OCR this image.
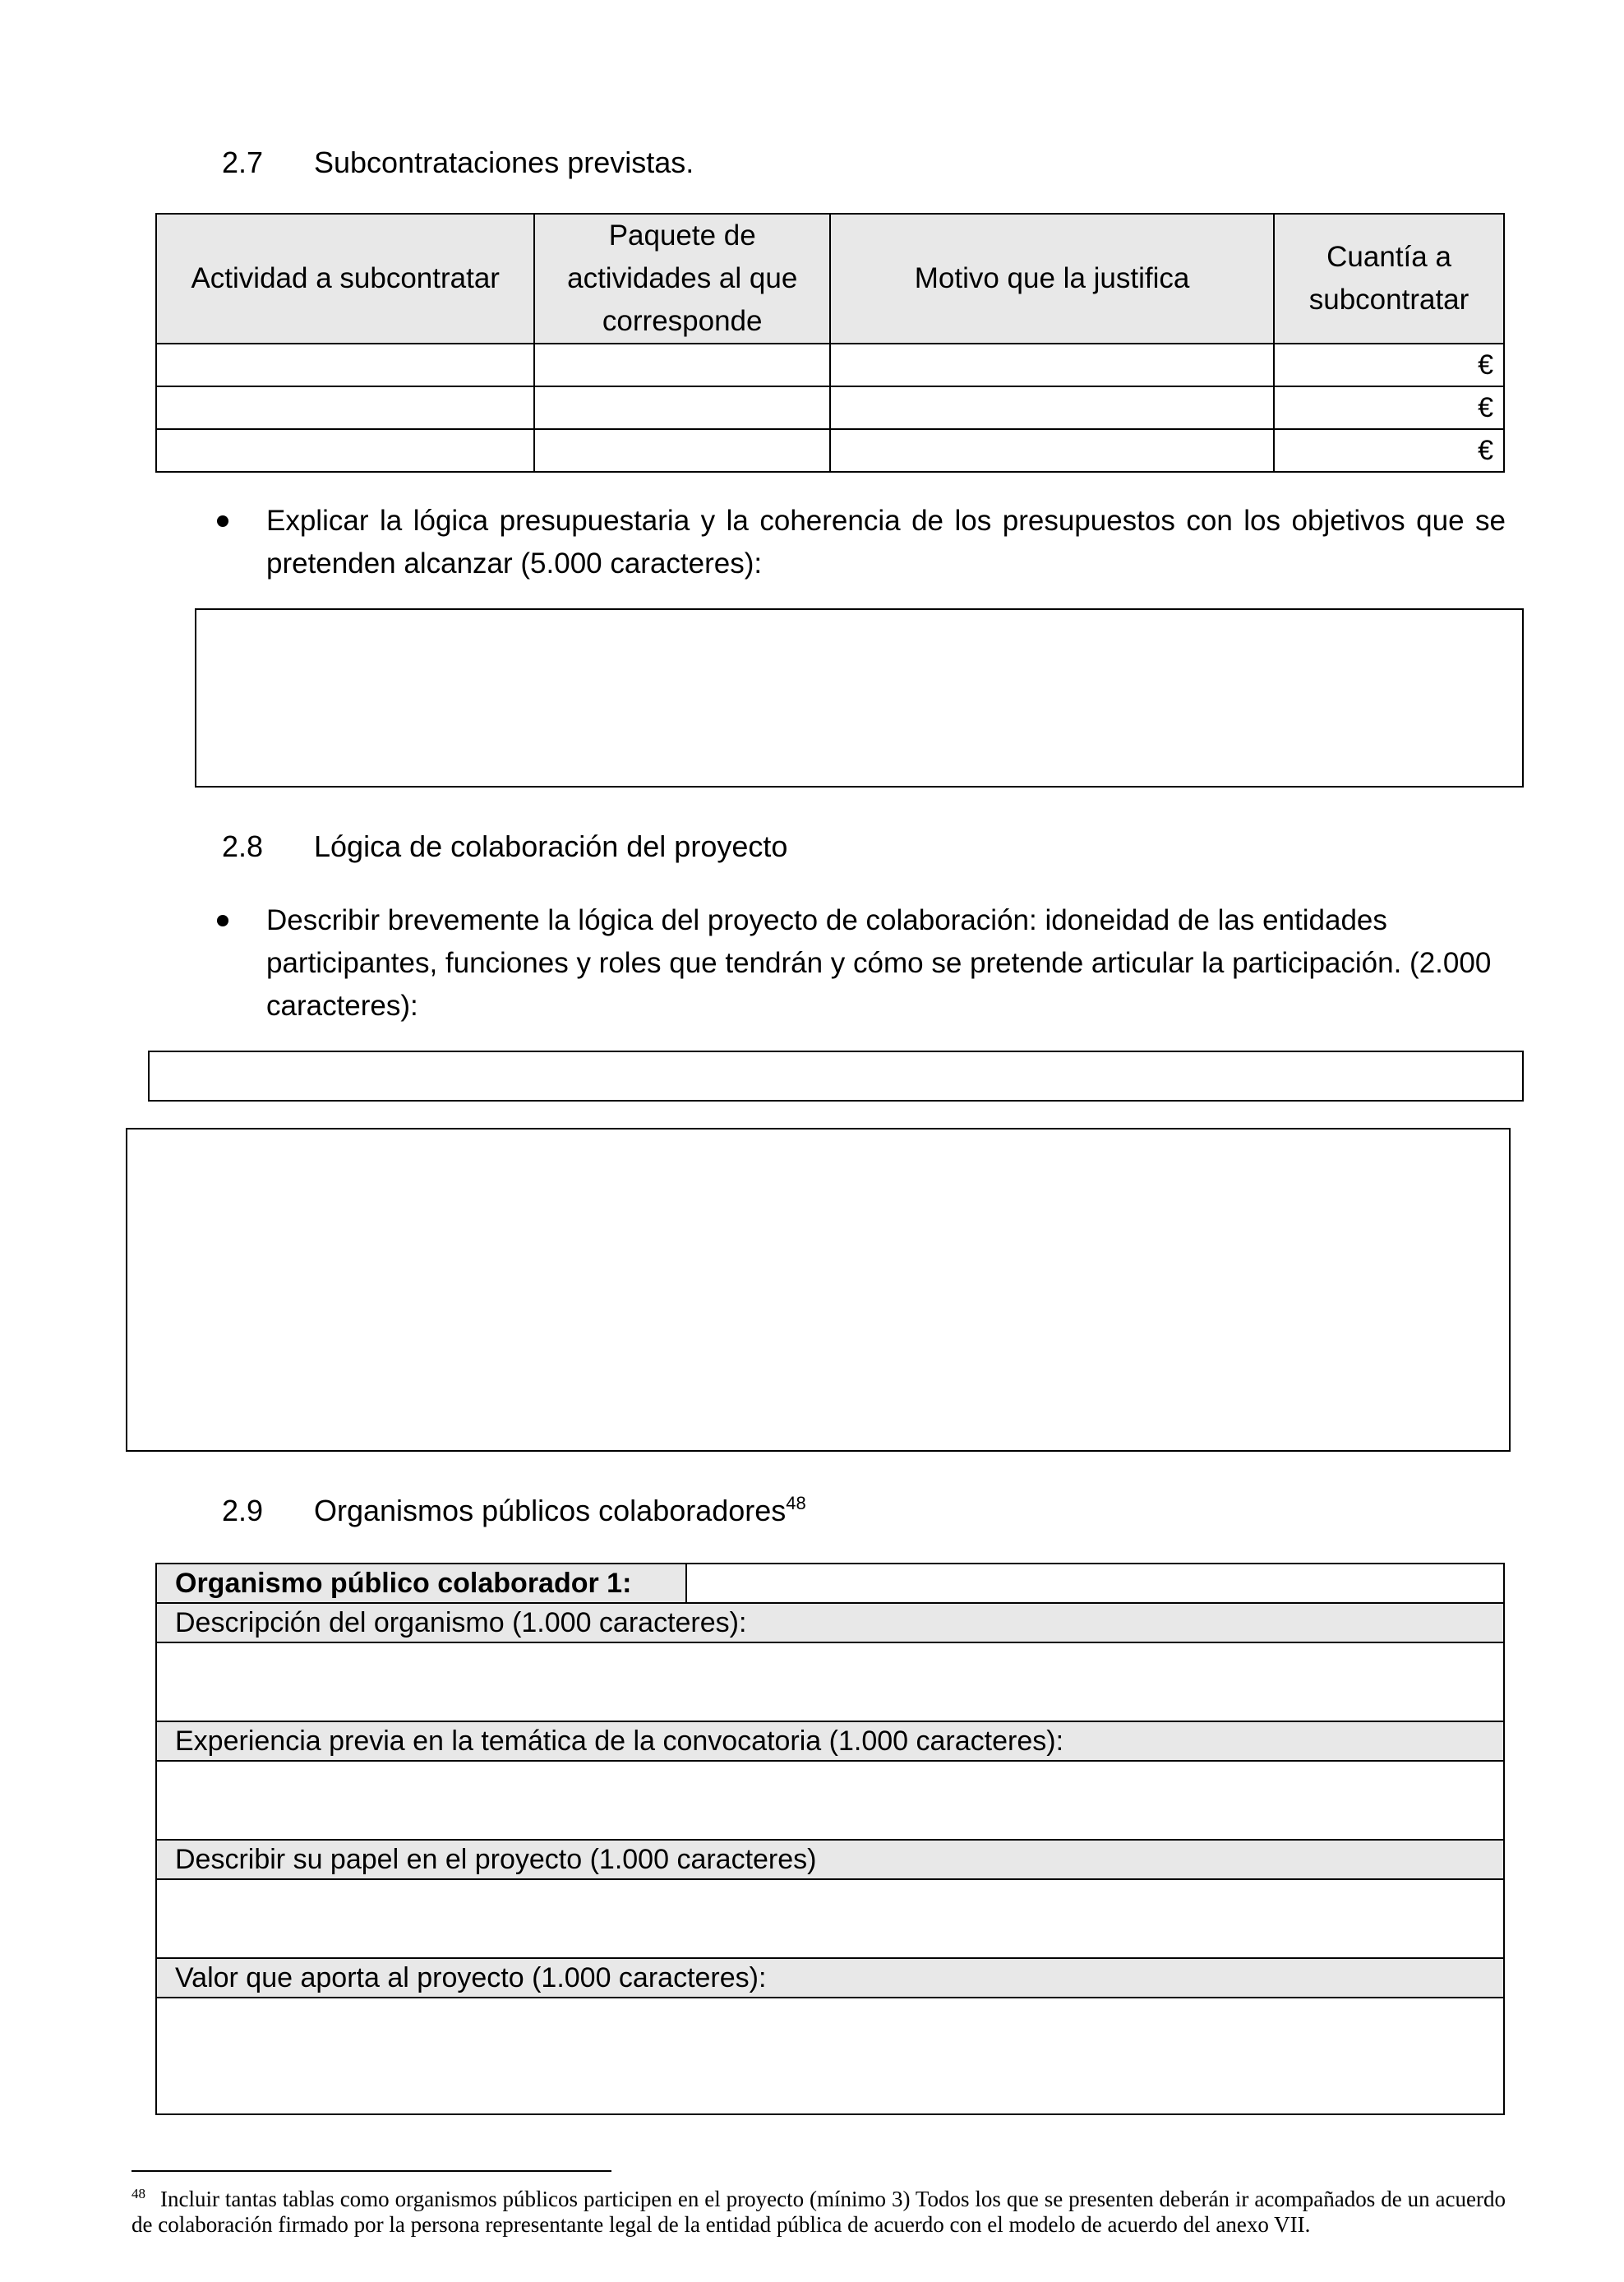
2.7 Subcontrataciones previstas.
Actividad a subcontratar	Paquete de actividades al que corresponde	Motivo que la justifica	Cuantía a subcontratar
			€
			€
			€
Explicar la lógica presupuestaria y la coherencia de los presupuestos con los objetivos que se pretenden alcanzar (5.000 caracteres):
2.8 Lógica de colaboración del proyecto
Describir brevemente la lógica del proyecto de colaboración: idoneidad de las entidades participantes, funciones y roles que tendrán y cómo se pretende articular la participación. (2.000 caracteres):
2.9 Organismos públicos colaboradores$^{48}$
Organismo público colaborador 1:	
Descripción del organismo (1.000 caracteres):

Experiencia previa en la temática de la convocatoria (1.000 caracteres):

Describir su papel en el proyecto (1.000 caracteres)

Valor que aporta al proyecto (1.000 caracteres):

$^{48}$ Incluir tantas tablas como organismos públicos participen en el proyecto (mínimo 3) Todos los que se presenten deberán ir acompañados de un acuerdo de colaboración firmado por la persona representante legal de la entidad pública de acuerdo con el modelo de acuerdo del anexo VII.
